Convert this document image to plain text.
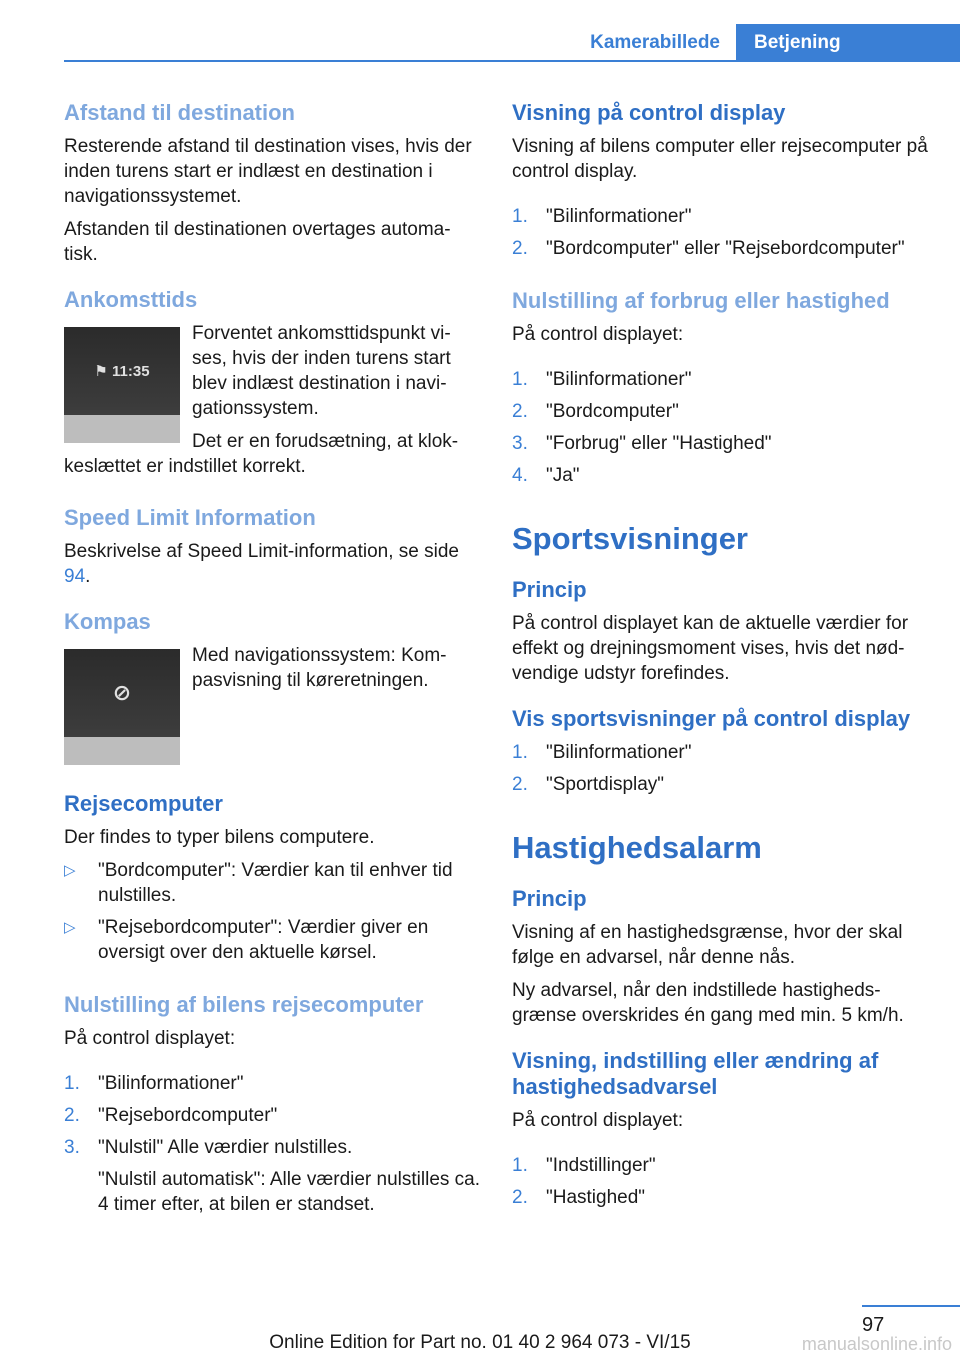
Kamerabillede	Betjening
Afstand til destination

Resterende afstand til destination vises, hvis der inden turens start er indlæst en destination i navigationssystemet.

Afstanden til destinationen overtages automa-tisk.

Ankomsttids
⚑ 11:35

Forventet ankomsttidspunkt vi-ses, hvis der inden turens start blev indlæst destination i navi-gationssystem.

Det er en forudsætning, at klok-keslættet er indstillet korrekt.

Speed Limit Information

Beskrivelse af Speed Limit-information, se side 94.

Kompas
⊘

Med navigationssystem: Kom-pasvisning til køreretningen.

Rejsecomputer

Der findes to typer bilens computere.

▷ "Bordcomputer": Værdier kan til enhver tid nulstilles.
▷ "Rejsebordcomputer": Værdier giver en oversigt over den aktuelle kørsel.
Nulstilling af bilens rejsecomputer

På control displayet:

1. "Bilinformationer"
2. "Rejsebordcomputer"
3. "Nulstil" Alle værdier nulstilles.
"Nulstil automatisk": Alle værdier nulstilles ca. 4 timer efter, at bilen er standset.
Visning på control display

Visning af bilens computer eller rejsecomputer på control display.

1. "Bilinformationer"
2. "Bordcomputer" eller "Rejsebordcomputer"
Nulstilling af forbrug eller hastighed

På control displayet:

1. "Bilinformationer"
2. "Bordcomputer"
3. "Forbrug" eller "Hastighed"
4. "Ja"
Sportsvisninger
Princip

På control displayet kan de aktuelle værdier for effekt og drejningsmoment vises, hvis det nød-vendige udstyr forefindes.

Vis sportsvisninger på control display
1. "Bilinformationer"
2. "Sportdisplay"
Hastighedsalarm
Princip

Visning af en hastighedsgrænse, hvor der skal følge en advarsel, når denne nås.

Ny advarsel, når den indstillede hastigheds-grænse overskrides én gang med min. 5 km/h.

Visning, indstilling eller ændring af hastighedsadvarsel

På control displayet:

1. "Indstillinger"
2. "Hastighed"
97
Online Edition for Part no. 01 40 2 964 073 - VI/15	manualsonline.info
